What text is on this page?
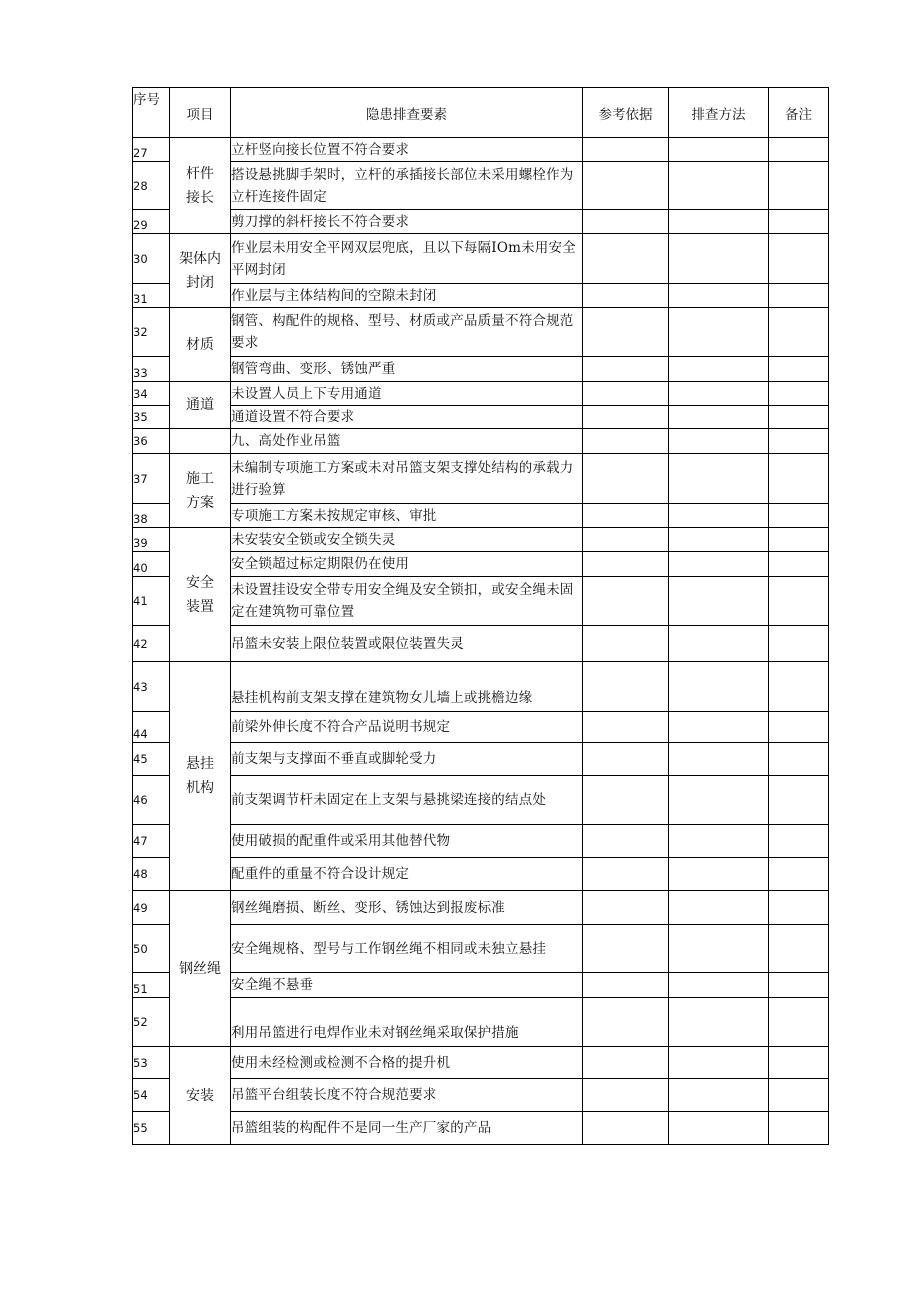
序号	项目	隐患排查要素	参考依据	排查方法	备注
27	杆件接长	立杆竖向接长位置不符合要求			
28		搭设悬挑脚手架时，立杆的承插接长部位未采用螺栓作为立杆连接件固定			
29		剪刀撑的斜杆接长不符合要求			
30	架体内封闭	作业层未用安全平网双层兜底，且以下每隔IOm未用安全平网封闭			
31		作业层与主体结构间的空隙未封闭			
32	材质	钢管、构配件的规格、型号、材质或产品质量不符合规范要求			
33		钢管弯曲、变形、锈蚀严重			
34	通道	未设置人员上下专用通道			
35		通道设置不符合要求			
36		九、高处作业吊篮			
37	施工方案	未编制专项施工方案或未对吊篮支架支撑处结构的承载力进行验算			
38		专项施工方案未按规定审核、审批			
39	安全装置	未安装安全锁或安全锁失灵			
40		安全锁超过标定期限仍在使用			
41		未设置挂设安全带专用安全绳及安全锁扣，或安全绳未固定在建筑物可靠位置			
42		吊篮未安装上限位装置或限位装置失灵			
43	悬挂机构	悬挂机构前支架支撑在建筑物女儿墙上或挑檐边缘			
44		前梁外伸长度不符合产品说明书规定			
45		前支架与支撑面不垂直或脚轮受力			
46		前支架调节杆未固定在上支架与悬挑梁连接的结点处			
47		使用破损的配重件或采用其他替代物			
48		配重件的重量不符合设计规定			
49	钢丝绳	钢丝绳磨损、断丝、变形、锈蚀达到报废标准			
50		安全绳规格、型号与工作钢丝绳不相同或未独立悬挂			
51		安全绳不悬垂			
52		利用吊篮进行电焊作业未对钢丝绳采取保护措施			
53	安装	使用未经检测或检测不合格的提升机			
54		吊篮平台组装长度不符合规范要求			
55		吊篮组装的构配件不是同一生产厂家的产品			
